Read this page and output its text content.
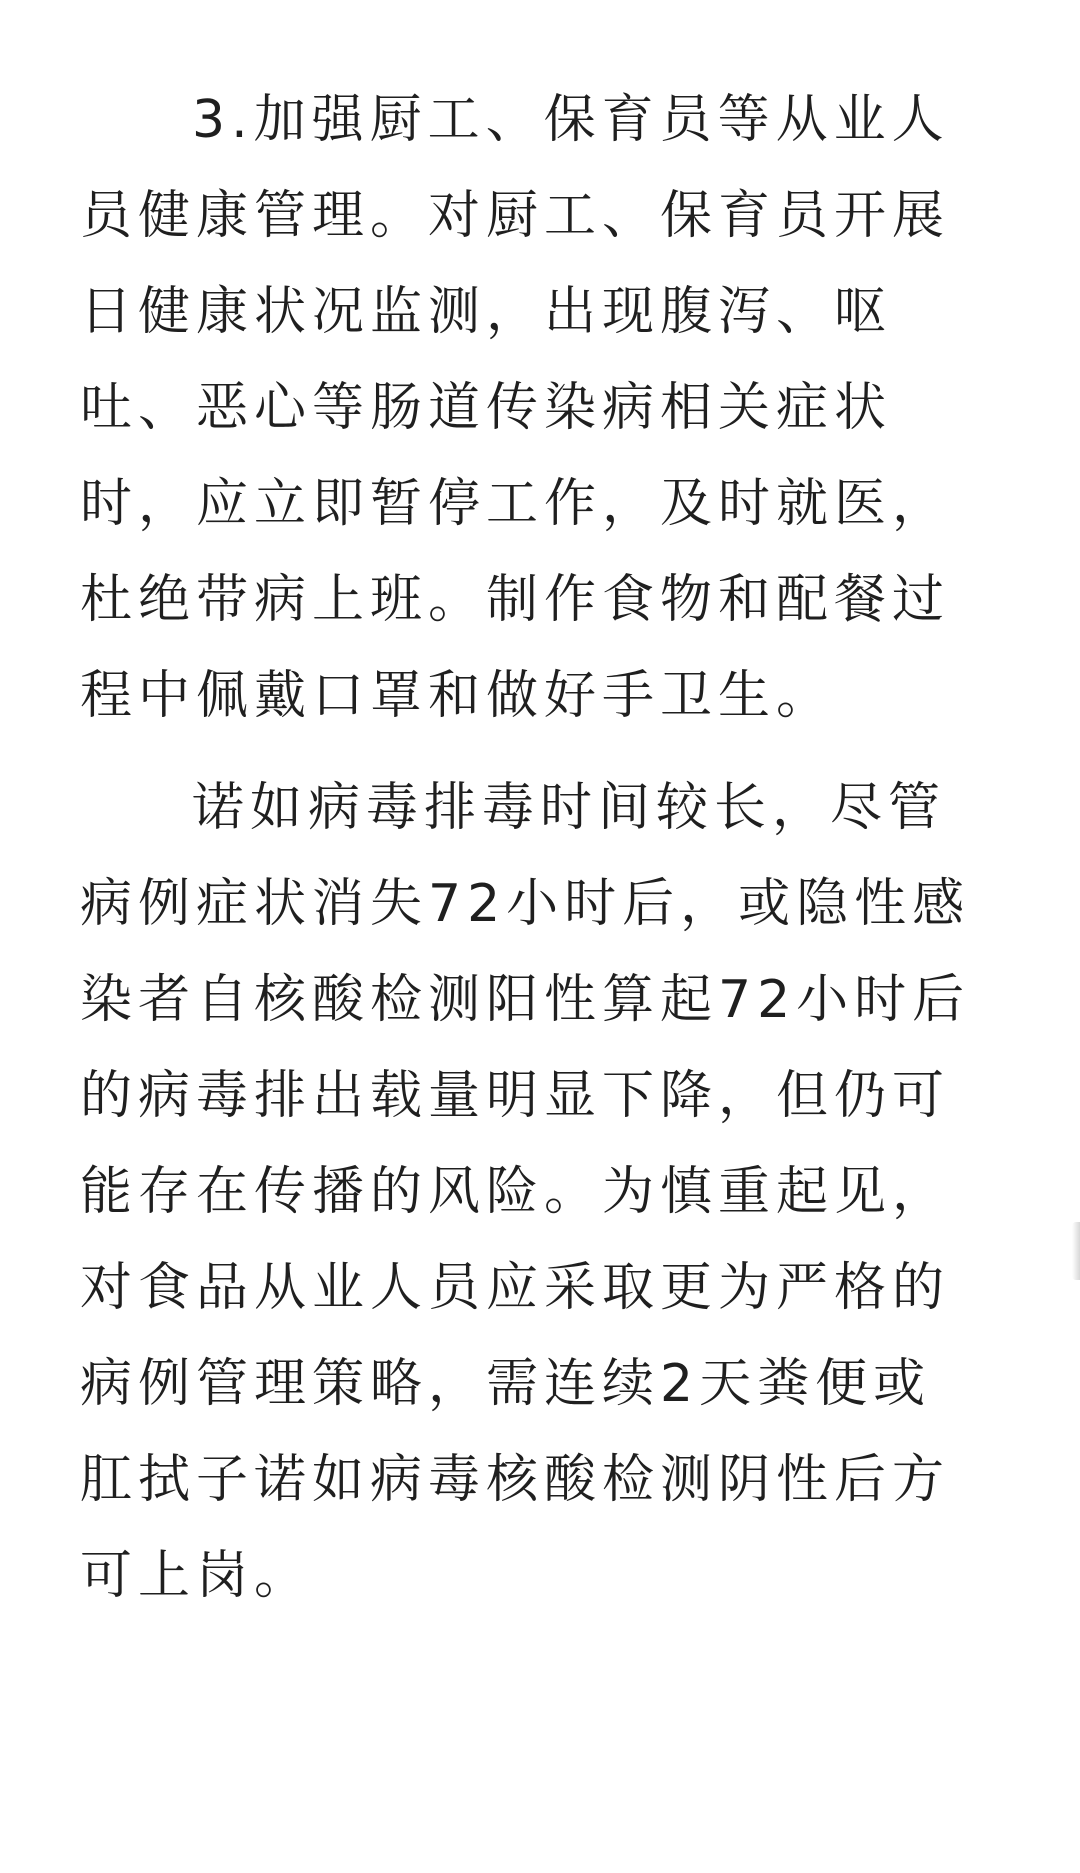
3.加强厨工、保育员等从业人
员健康管理。对厨工、保育员开展
日健康状况监测，出现腹泻、呕
吐、恶心等肠道传染病相关症状
时，应立即暂停工作，及时就医，
杜绝带病上班。制作食物和配餐过
程中佩戴口罩和做好手卫生。

诺如病毒排毒时间较长，尽管
病例症状消失72小时后，或隐性感
染者自核酸检测阳性算起72小时后
的病毒排出载量明显下降，但仍可
能存在传播的风险。为慎重起见，
对食品从业人员应采取更为严格的
病例管理策略，需连续2天粪便或
肛拭子诺如病毒核酸检测阴性后方
可上岗。
